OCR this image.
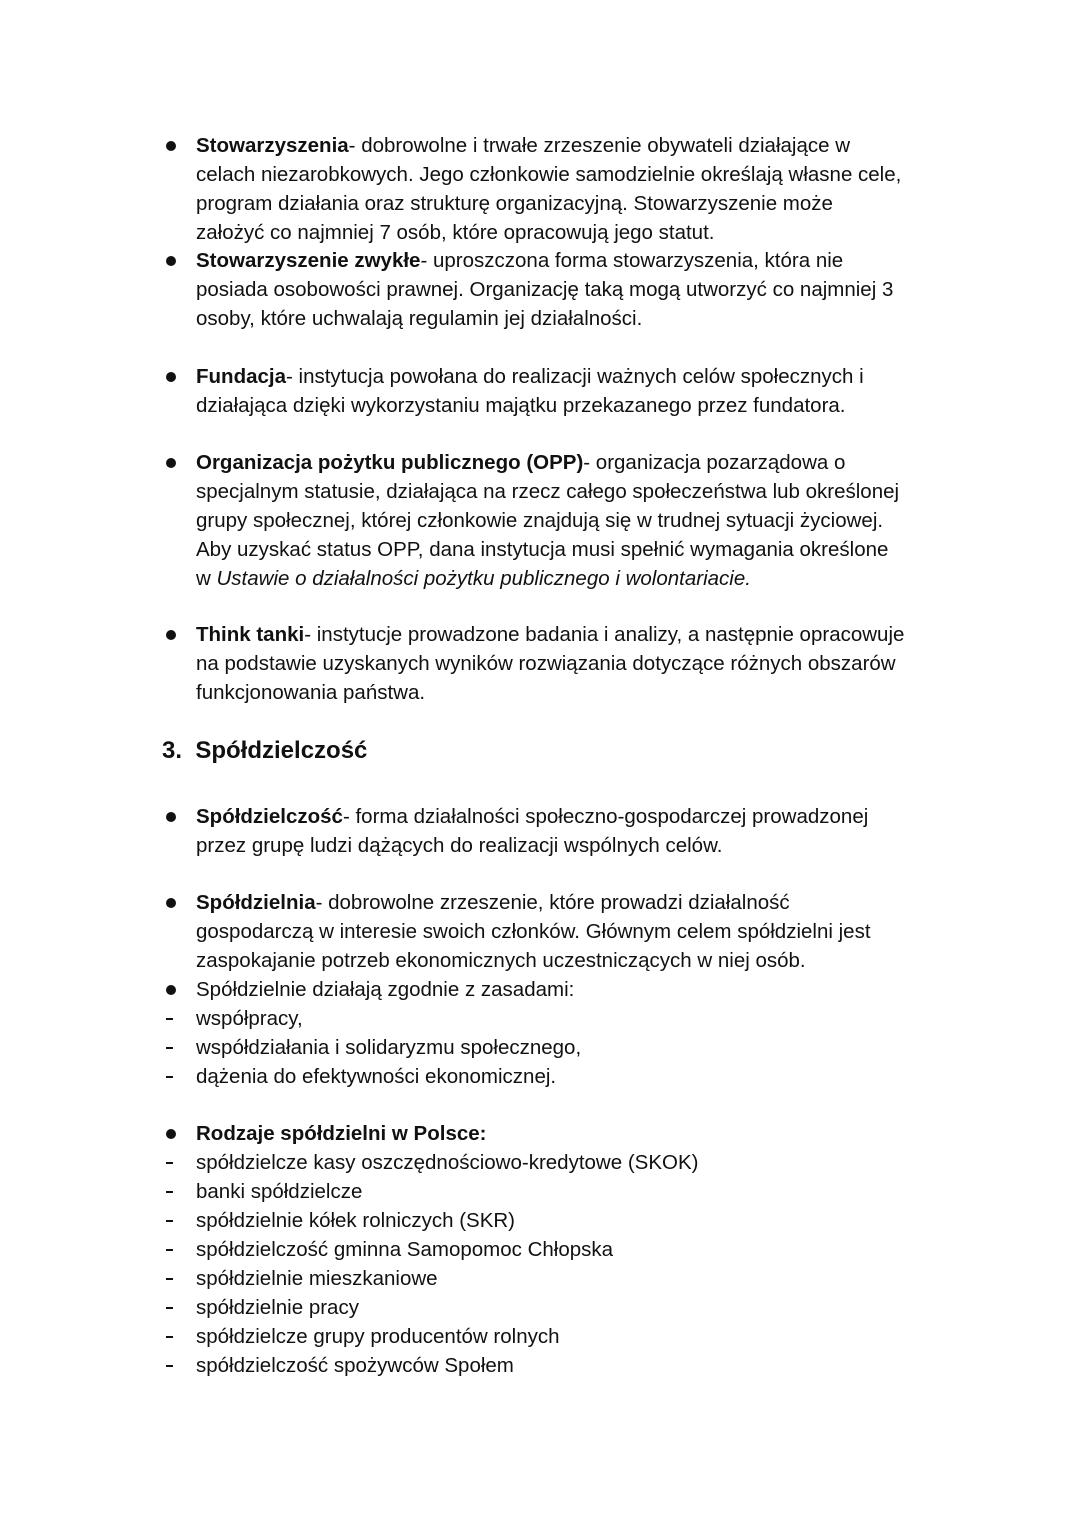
Stowarzyszenia- dobrowolne i trwałe zrzeszenie obywateli działające w
celach niezarobkowych. Jego członkowie samodzielnie określają własne cele,
program działania oraz strukturę organizacyjną. Stowarzyszenie może
założyć co najmniej 7 osób, które opracowują jego statut.
Stowarzyszenie zwykłe- uproszczona forma stowarzyszenia, która nie
posiada osobowości prawnej. Organizację taką mogą utworzyć co najmniej 3
osoby, które uchwalają regulamin jej działalności.
Fundacja- instytucja powołana do realizacji ważnych celów społecznych i
działająca dzięki wykorzystaniu majątku przekazanego przez fundatora.
Organizacja pożytku publicznego (OPP)- organizacja pozarządowa o
specjalnym statusie, działająca na rzecz całego społeczeństwa lub określonej
grupy społecznej, której członkowie znajdują się w trudnej sytuacji życiowej.
Aby uzyskać status OPP, dana instytucja musi spełnić wymagania określone
w Ustawie o działalności pożytku publicznego i wolontariacie.
Think tanki- instytucje prowadzone badania i analizy, a następnie opracowuje
na podstawie uzyskanych wyników rozwiązania dotyczące różnych obszarów
funkcjonowania państwa.
3.  Spółdzielczość
Spółdzielczość- forma działalności społeczno-gospodarczej prowadzonej
przez grupę ludzi dążących do realizacji wspólnych celów.
Spółdzielnia- dobrowolne zrzeszenie, które prowadzi działalność
gospodarczą w interesie swoich członków. Głównym celem spółdzielni jest
zaspokajanie potrzeb ekonomicznych uczestniczących w niej osób.
Spółdzielnie działają zgodnie z zasadami:
współpracy,
współdziałania i solidaryzmu społecznego,
dążenia do efektywności ekonomicznej.
Rodzaje spółdzielni w Polsce:
spółdzielcze kasy oszczędnościowo-kredytowe (SKOK)
banki spółdzielcze
spółdzielnie kółek rolniczych (SKR)
spółdzielczość gminna Samopomoc Chłopska
spółdzielnie mieszkaniowe
spółdzielnie pracy
spółdzielcze grupy producentów rolnych
spółdzielczość spożywców Społem
